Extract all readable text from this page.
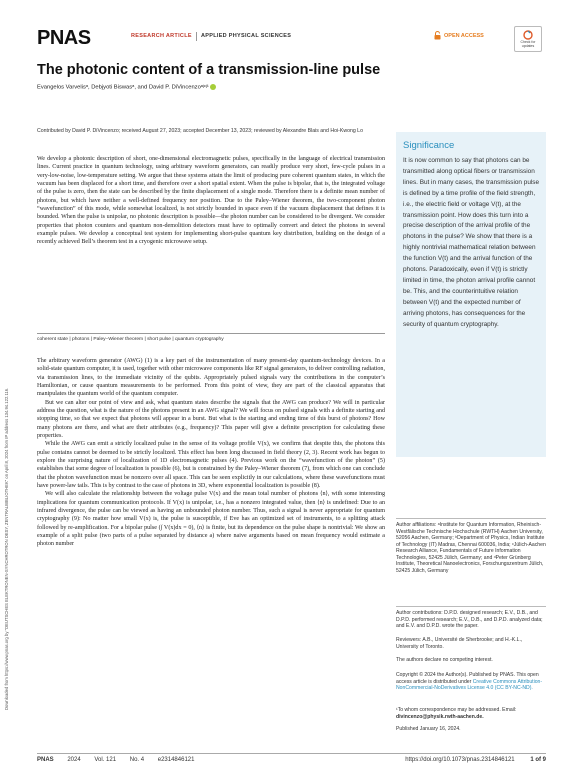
PNAS	RESEARCH ARTICLE APPLIED PHYSICAL SCIENCES	OPEN ACCESS
Check for updates
The photonic content of a transmission-line pulse
Evangelos Varvelisᵃ, Debjyoti Biswasᵃ, and David P. DiVincenzoᵃʲᶜʲ¹
Contributed by David P. DiVincenzo; received August 27, 2023; accepted December 13, 2023; reviewed by Alexandre Blais and Hoi-Kwong Lo
Downloaded from https://www.pnas.org by "DEUTSCHES ELEKTRONEN-SYNCHROTRON DESY, ZENTRALBIBLIOTHEK" on April 8, 2024 from IP address 134.94.122.116.

We develop a photonic description of short, one-dimensional electromagnetic pulses, specifically in the language of electrical transmission lines. Current practice in quantum technology, using arbitrary waveform generators, can readily produce very short, few-cycle pulses in a very-low-noise, low-temperature setting. We argue that these systems attain the limit of producing pure coherent quantum states, in which the vacuum has been displaced for a short time, and therefore over a short spatial extent. When the pulse is bipolar, that is, the integrated voltage of the pulse is zero, then the state can be described by the finite displacement of a single mode. Therefore there is a definite mean number of photons, but which have neither a well-defined frequency nor position. Due to the Paley–Wiener theorem, the two-component photon “wavefunction” of this mode, while somewhat localized, is not strictly bounded in space even if the vacuum displacement that defines it is bounded. When the pulse is unipolar, no photonic description is possible—the photon number can be considered to be divergent. We consider properties that photon counters and quantum non-demolition detectors must have to optimally convert and detect the photons in several example pulses. We develop a conceptual test system for implementing short-pulse quantum key distribution, building on the design of a recently achieved Bell’s theorem test in a cryogenic microwave setup.

Significance
It is now common to say that photons can be transmitted along optical fibers or transmission lines. But in many cases, the transmission pulse is defined by a time profile of the field strength, i.e., the electric field or voltage V(t), at the transmission point. How does this turn into a precise description of the arrival profile of the photons in the pulse? We show that there is a highly nontrivial mathematical relation between the function V(t) and the arrival function of the photons. Paradoxically, even if V(t) is strictly limited in time, the photon arrival profile cannot be. This, and the counterintuitive relation between V(t) and the expected number of arriving photons, has consequences for the security of quantum cryptography.
coherent state | photons | Paley–Wiener theorem | short pulse | quantum cryptography

The arbitrary waveform generator (AWG) (1) is a key part of the instrumentation of many present-day quantum-technology devices. In a solid-state quantum computer, it is used, together with other microwave components like RF signal generators, to deliver controlling radiation, via transmission lines, to the immediate vicinity of the qubits. Appropriately pulsed signals vary the contributions in the computer’s Hamiltonian, or cause quantum measurements to be performed. From this point of view, they are part of the classical apparatus that manipulates the quantum world of the quantum computer.

But we can alter our point of view and ask, what quantum states describe the signals that the AWG can produce? We will in particular address the question, what is the nature of the photons present in an AWG signal? We will focus on pulsed signals with a definite starting and stopping time, so that we expect that photons will appear in a burst. But what is the starting and ending time of this burst of photons? How many photons are there, and what are their attributes (e.g., frequency)? This paper will give a definite prescription for calculating these properties.

While the AWG can emit a strictly localized pulse in the sense of its voltage profile V(x), we confirm that despite this, the photons this pulse contains cannot be deemed to be strictly localized. This effect has been long discussed in field theory (2, 3). Recent work has begun to explore the surprising nature of localization of 1D electromagnetic pulses (4). Previous work on the “wavefunction of the photon” (5) establishes that some degree of localization is possible (6), but is constrained by the Paley–Wiener theorem (7), from which one can conclude that the photon wavefunction must be nonzero over all space. This can be seen explicitly in our calculations, where these wavefunctions must have power-law tails. This is by contrast to the case of photons in 3D, where exponential localization is possible (8).

We will also calculate the relationship between the voltage pulse V(x) and the mean total number of photons ⟨n⟩, with some interesting implications for quantum communication protocols. If V(x) is unipolar, i.e., has a nonzero integrated value, then ⟨n⟩ is undefined: Due to an infrared divergence, the pulse can be viewed as having an unbounded photon number. Thus, such a signal is never appropriate for quantum cryptography (9): No matter how small V(x) is, the pulse is susceptible, if Eve has an optimized set of instruments, to a splitting attack followed by re-amplification. For a bipolar pulse (∫ V(x)dx = 0), ⟨n⟩ is finite, but its dependence on the pulse shape is nontrivial: We show an example of a split pulse (two parts of a pulse separated by distance a) where naive arguments based on mean frequency would estimate a photon number

Author affiliations: ᵃInstitute for Quantum Information, Rheinisch-Westfälische Technische Hochschule (RWTH) Aachen University, 52056 Aachen, Germany; ᵇDepartment of Physics, Indian Institute of Technology (IT) Madras, Chennai 600036, India; ᶜJülich-Aachen Research Alliance, Fundamentals of Future Information Technologies, 52425 Jülich, Germany; and ᵈPeter Grünberg Institute, Theoretical Nanoelectronics, Forschungszentrum Jülich, 52425 Jülich, Germany
Author contributions: D.P.D. designed research; E.V., D.B., and D.P.D. performed research; E.V., D.B., and D.P.D. analyzed data; and E.V. and D.P.D. wrote the paper.
Reviewers: A.B., Université de Sherbrooke; and H.-K.L., University of Toronto.
The authors declare no competing interest.
Copyright © 2024 the Author(s). Published by PNAS. This open access article is distributed under Creative Commons Attribution-NonCommercial-NoDerivatives License 4.0 (CC BY-NC-ND).
¹To whom correspondence may be addressed. Email: divincenzo@physik.rwth-aachen.de.
Published January 16, 2024.
PNAS 2024 Vol. 121 No. 4 e2314846121	https://doi.org/10.1073/pnas.2314846121	1 of 9
